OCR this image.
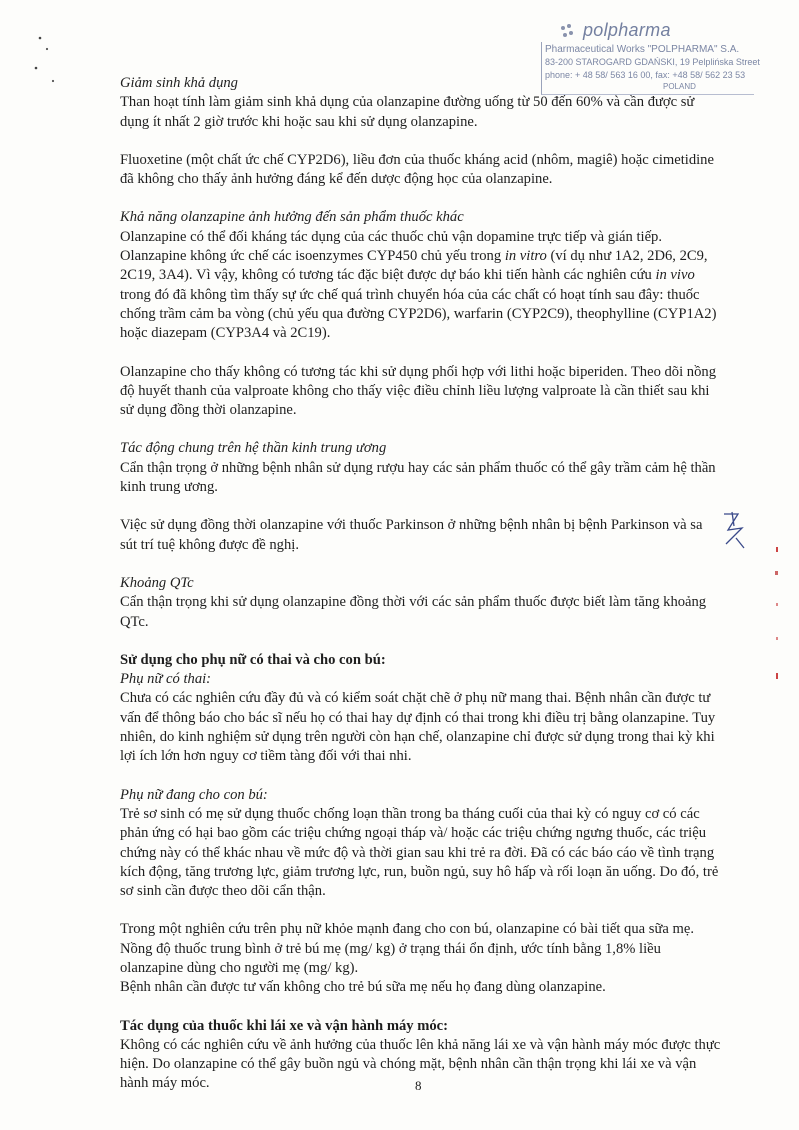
polpharma
Pharmaceutical Works "POLPHARMA" S.A.
83-200 STAROGARD GDAŃSKI, 19 Pelplińska Street
phone: + 48 58/ 563 16 00, fax: +48 58/ 562 23 53
POLAND

Giảm sinh khả dụng

Than hoạt tính làm giảm sinh khả dụng của olanzapine đường uống từ 50 đến 60% và cần được sử dụng ít nhất 2 giờ trước khi hoặc sau khi sử dụng olanzapine.

Fluoxetine (một chất ức chế CYP2D6), liều đơn của thuốc kháng acid (nhôm, magiê) hoặc cimetidine đã không cho thấy ảnh hưởng đáng kể đến dược động học của olanzapine.

Khả năng olanzapine ảnh hưởng đến sản phẩm thuốc khác

Olanzapine có thể đối kháng tác dụng của các thuốc chủ vận dopamine trực tiếp và gián tiếp. Olanzapine không ức chế các isoenzymes CYP450 chủ yếu trong in vitro (ví dụ như 1A2, 2D6, 2C9, 2C19, 3A4). Vì vậy, không có tương tác đặc biệt được dự báo khi tiến hành các nghiên cứu in vivo trong đó đã không tìm thấy sự ức chế quá trình chuyển hóa của các chất có hoạt tính sau đây: thuốc chống trầm cảm ba vòng (chủ yếu qua đường CYP2D6), warfarin (CYP2C9), theophylline (CYP1A2) hoặc diazepam (CYP3A4 và 2C19).

Olanzapine cho thấy không có tương tác khi sử dụng phối hợp với lithi hoặc biperiden. Theo dõi nồng độ huyết thanh của valproate không cho thấy việc điều chỉnh liều lượng valproate là cần thiết sau khi sử dụng đồng thời olanzapine.

Tác động chung trên hệ thần kinh trung ương

Cẩn thận trọng ở những bệnh nhân sử dụng rượu hay các sản phẩm thuốc có thể gây trầm cảm hệ thần kinh trung ương.

Việc sử dụng đồng thời olanzapine với thuốc Parkinson ở những bệnh nhân bị bệnh Parkinson và sa sút trí tuệ không được đề nghị.

Khoảng QTc

Cẩn thận trọng khi sử dụng olanzapine đồng thời với các sản phẩm thuốc được biết làm tăng khoảng QTc.

Sử dụng cho phụ nữ có thai và cho con bú:

Phụ nữ có thai:

Chưa có các nghiên cứu đầy đủ và có kiểm soát chặt chẽ ở phụ nữ mang thai. Bệnh nhân cần được tư vấn để thông báo cho bác sĩ nếu họ có thai hay dự định có thai trong khi điều trị bằng olanzapine. Tuy nhiên, do kinh nghiệm sử dụng trên người còn hạn chế, olanzapine chỉ được sử dụng trong thai kỳ khi lợi ích lớn hơn nguy cơ tiềm tàng đối với thai nhi.

Phụ nữ đang cho con bú:

Trẻ sơ sinh có mẹ sử dụng thuốc chống loạn thần trong ba tháng cuối của thai kỳ có nguy cơ có các phản ứng có hại bao gồm các triệu chứng ngoại tháp và/ hoặc các triệu chứng ngưng thuốc, các triệu chứng này có thể khác nhau về mức độ và thời gian sau khi trẻ ra đời. Đã có các báo cáo về tình trạng kích động, tăng trương lực, giảm trương lực, run, buồn ngủ, suy hô hấp và rối loạn ăn uống. Do đó, trẻ sơ sinh cần được theo dõi cẩn thận.

Trong một nghiên cứu trên phụ nữ khỏe mạnh đang cho con bú, olanzapine có bài tiết qua sữa mẹ. Nồng độ thuốc trung bình ở trẻ bú mẹ (mg/ kg) ở trạng thái ổn định, ước tính bằng 1,8% liều olanzapine dùng cho người mẹ (mg/ kg).

Bệnh nhân cần được tư vấn không cho trẻ bú sữa mẹ nếu họ đang dùng olanzapine.

Tác dụng của thuốc khi lái xe và vận hành máy móc:

Không có các nghiên cứu về ảnh hưởng của thuốc lên khả năng lái xe và vận hành máy móc được thực hiện. Do olanzapine có thể gây buồn ngủ và chóng mặt, bệnh nhân cần thận trọng khi lái xe và vận hành máy móc.	8
